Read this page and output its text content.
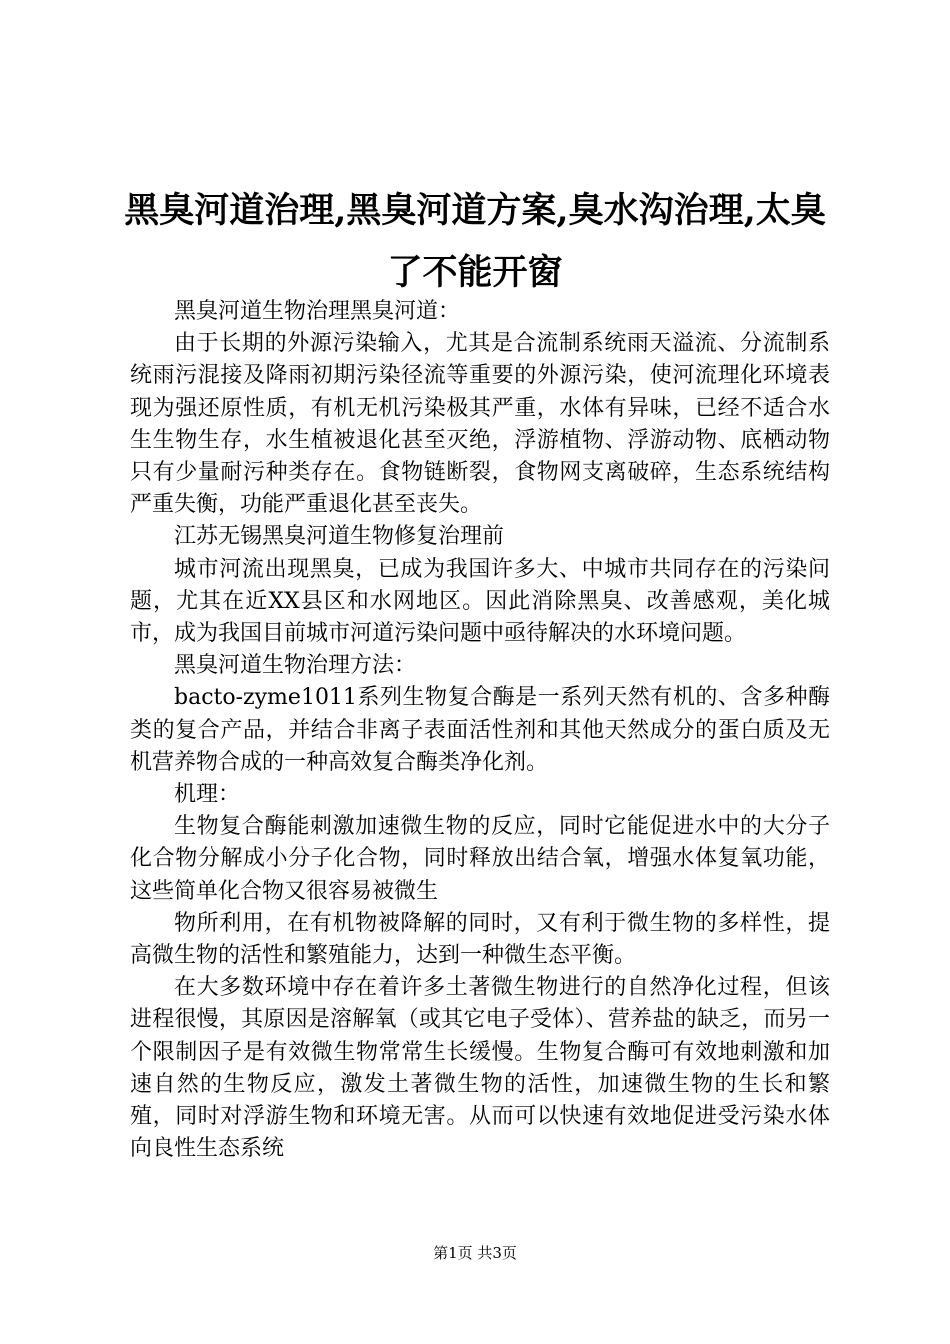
黑臭河道治理,黑臭河道方案,臭水沟治理,太臭了不能开窗

黑臭河道生物治理黑臭河道：

由于长期的外源污染输入，尤其是合流制系统雨天溢流、分流制系统雨污混接及降雨初期污染径流等重要的外源污染，使河流理化环境表现为强还原性质，有机无机污染极其严重，水体有异味，已经不适合水生生物生存，水生植被退化甚至灭绝，浮游植物、浮游动物、底栖动物只有少量耐污种类存在。食物链断裂，食物网支离破碎，生态系统结构严重失衡，功能严重退化甚至丧失。

江苏无锡黑臭河道生物修复治理前

城市河流出现黑臭，已成为我国许多大、中城市共同存在的污染问题，尤其在近XX县区和水网地区。因此消除黑臭、改善感观，美化城市，成为我国目前城市河道污染问题中亟待解决的水环境问题。

黑臭河道生物治理方法：

bacto-zyme1011系列生物复合酶是一系列天然有机的、含多种酶类的复合产品，并结合非离子表面活性剂和其他天然成分的蛋白质及无机营养物合成的一种高效复合酶类净化剂。

机理：

生物复合酶能刺激加速微生物的反应，同时它能促进水中的大分子化合物分解成小分子化合物，同时释放出结合氧，增强水体复氧功能，这些简单化合物又很容易被微生

物所利用，在有机物被降解的同时，又有利于微生物的多样性，提高微生物的活性和繁殖能力，达到一种微生态平衡。

在大多数环境中存在着许多土著微生物进行的自然净化过程，但该进程很慢，其原因是溶解氧（或其它电子受体）、营养盐的缺乏，而另一个限制因子是有效微生物常常生长缓慢。生物复合酶可有效地刺激和加速自然的生物反应，激发土著微生物的活性，加速微生物的生长和繁殖，同时对浮游生物和环境无害。从而可以快速有效地促进受污染水体向良性生态系统

第1页 共3页
